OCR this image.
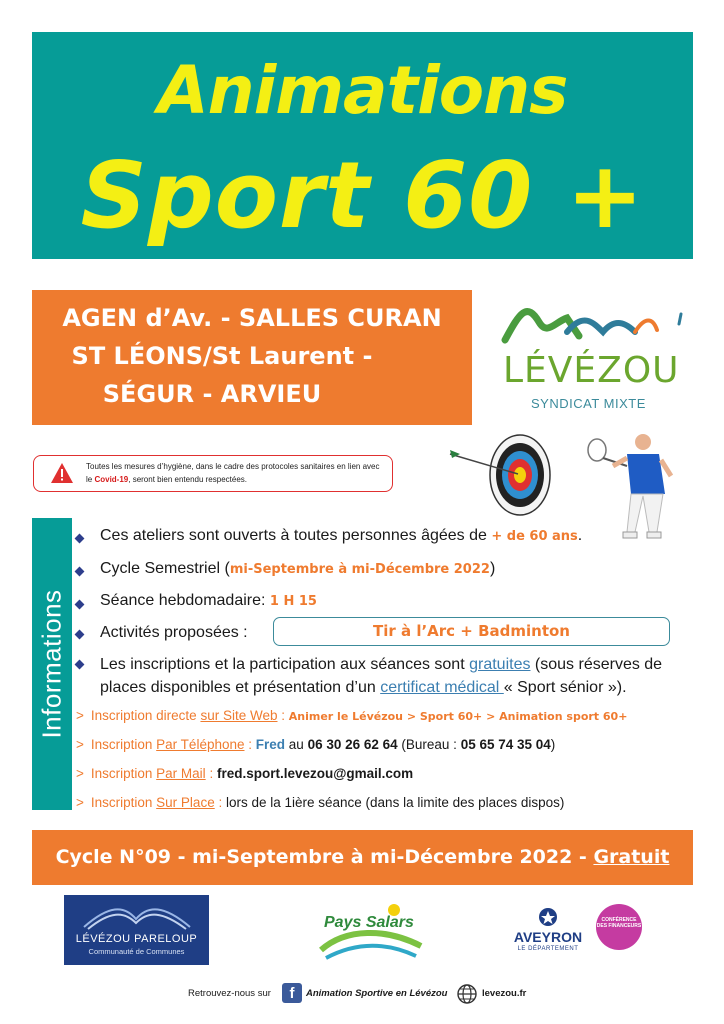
Animations
Sport 60 +
AGEN d’Av. - SALLES CURAN
ST LÉONS/St Laurent -
SÉGUR - ARVIEU
LÉVÉZOU
SYNDICAT MIXTE
Toutes les mesures d’hygiène, dans le cadre des protocoles sanitaires en lien avec le Covid-19, seront bien entendu respectées.
Informations
Ces ateliers sont ouverts à toutes personnes âgées de + de 60 ans.
Cycle Semestriel (mi-Septembre à mi-Décembre 2022)
Séance hebdomadaire: 1 H 15
Activités proposées :	Tir à l’Arc + Badminton
Les inscriptions et la participation aux séances sont gratuites (sous réserves de
places disponibles et présentation d’un certificat médical « Sport sénior »).
> Inscription directe sur Site Web : Animer le Lévézou > Sport 60+ > Animation sport 60+
> Inscription Par Téléphone : Fred au 06 30 26 62 64 (Bureau : 05 65 74 35 04)
> Inscription Par Mail : fred.sport.levezou@gmail.com
> Inscription Sur Place : lors de la 1ière séance (dans la limite des places dispos)
Cycle N°09 - mi-Septembre à mi-Décembre 2022 - Gratuit
LÉVÉZOU PARELOUP
Communauté de Communes
Pays Salars
AVEYRON
LE DÉPARTEMENT
CONFÉRENCE DES FINANCEURS
Retrouvez-nous sur	f	Animation Sportive en Lévézou	levezou.fr
